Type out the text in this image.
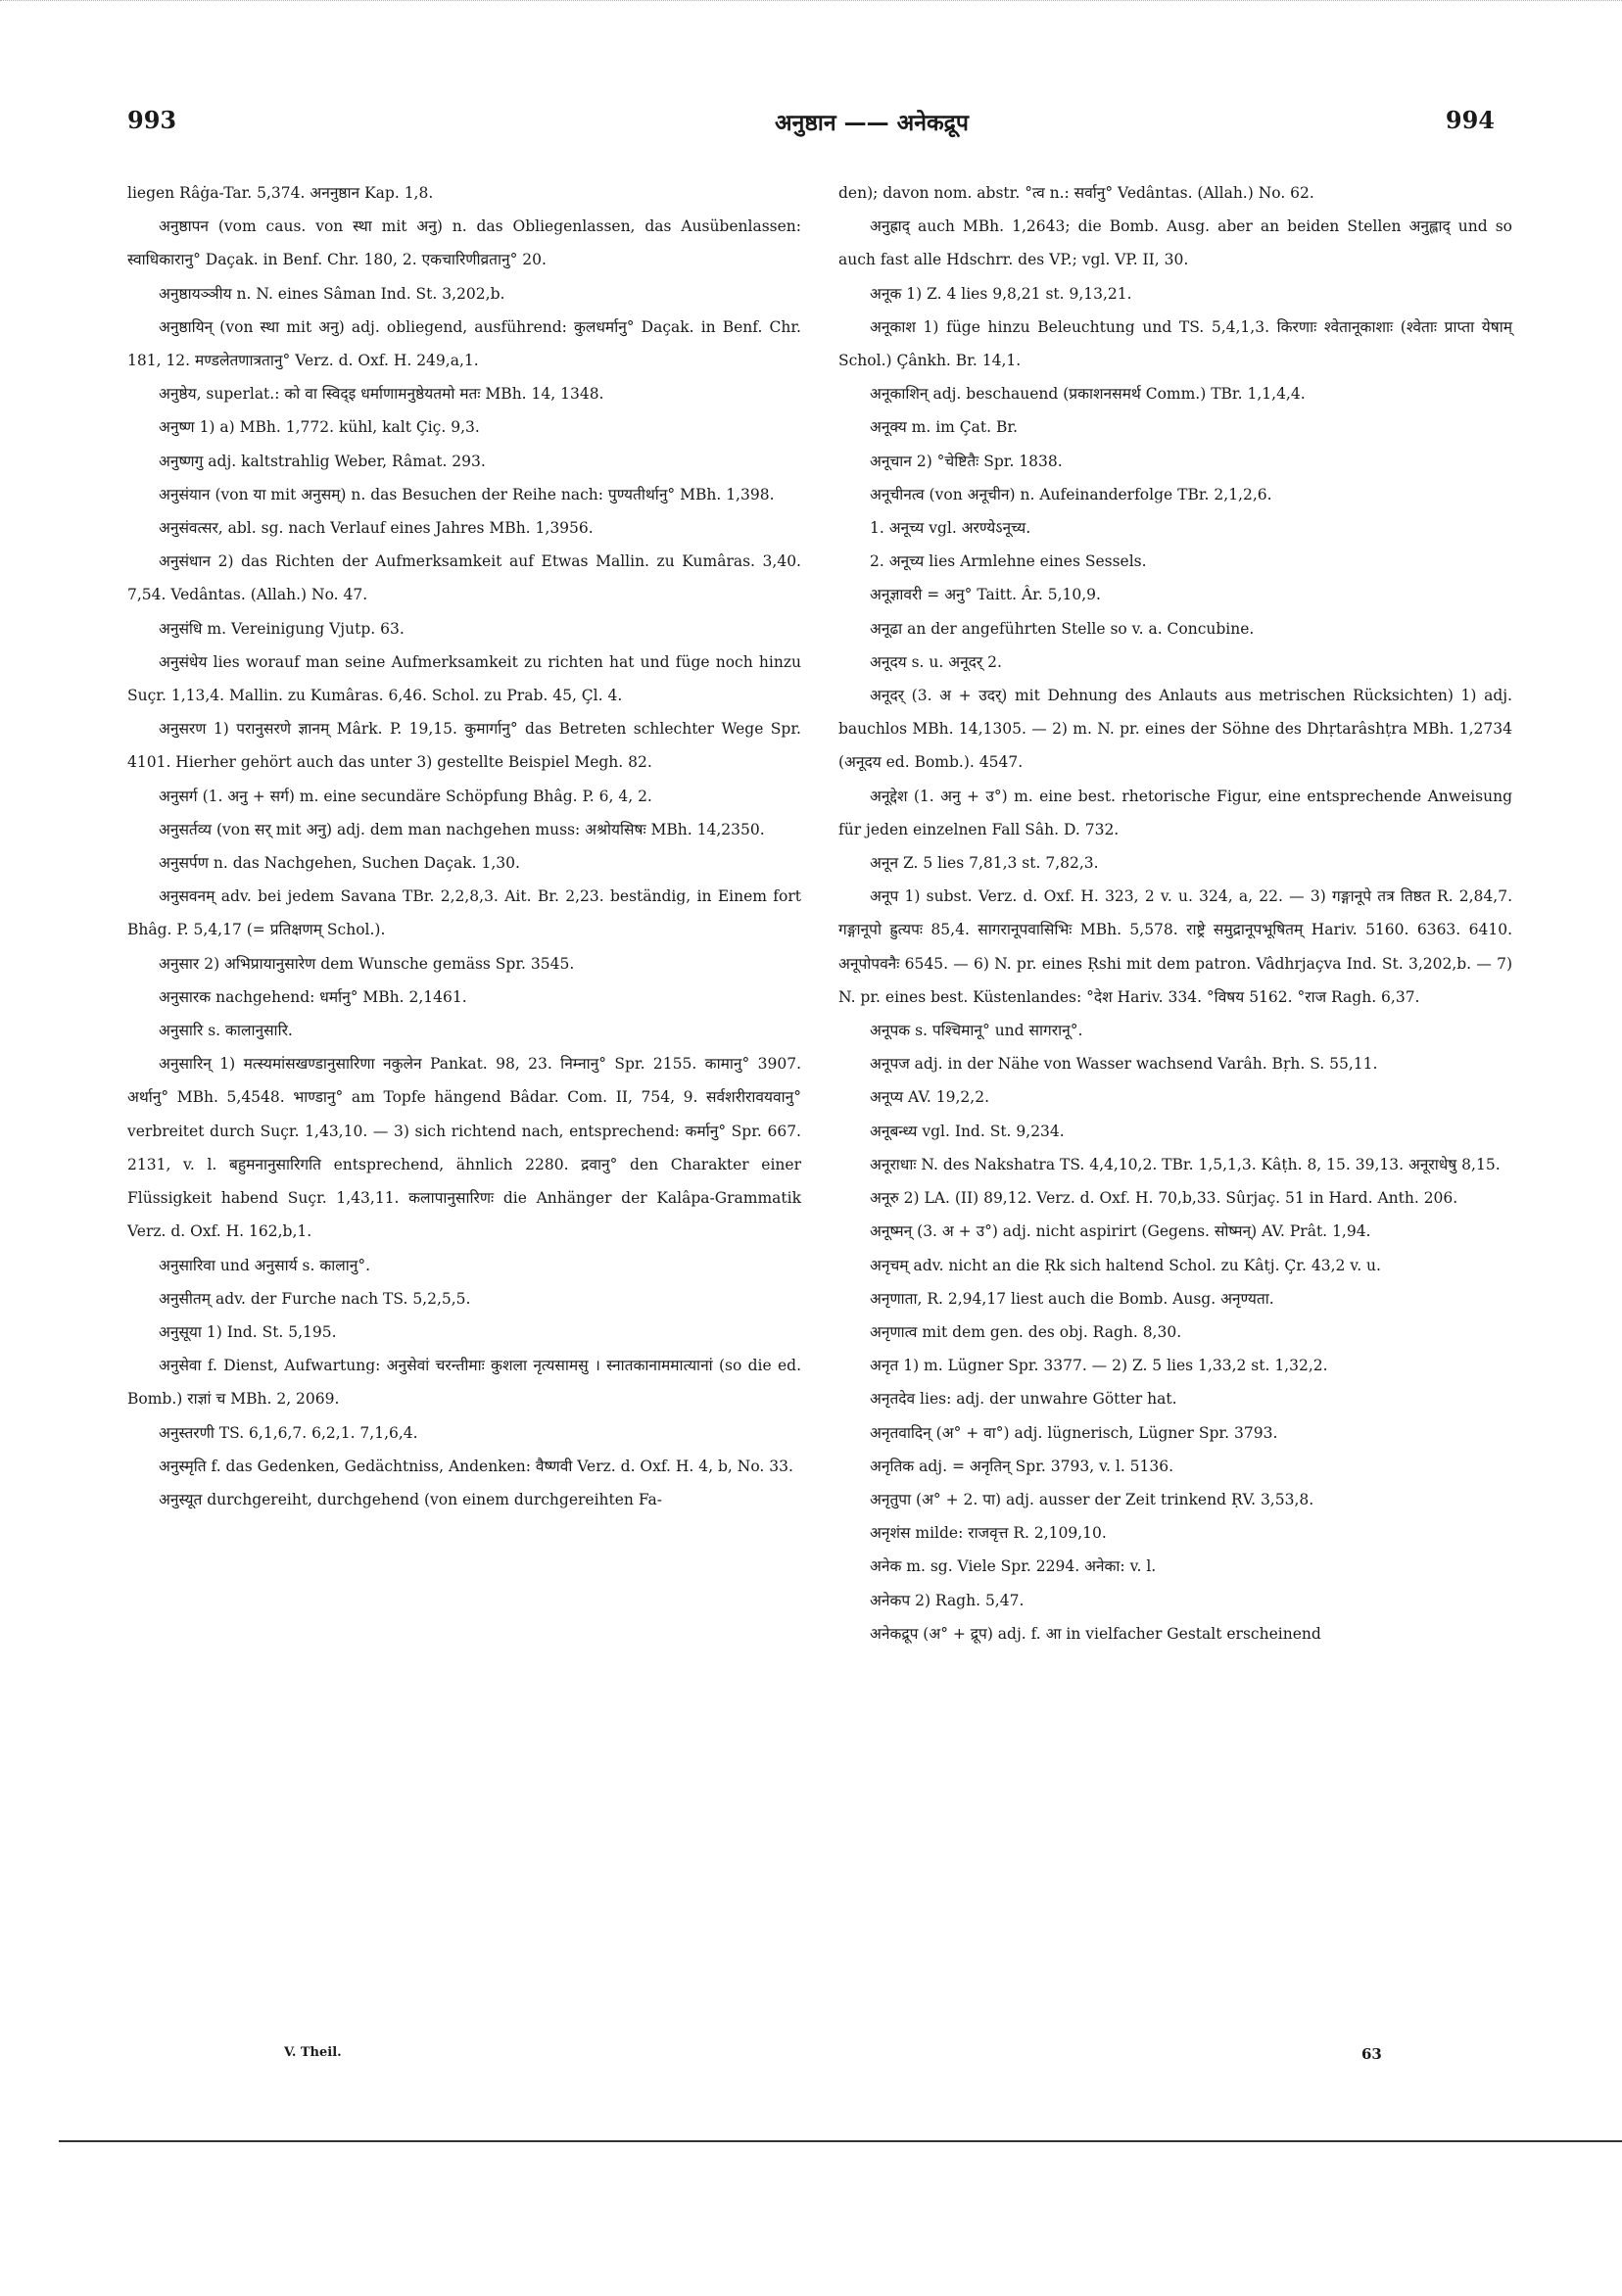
993	अनुष्ठान —— अनेकद्रूप	994

liegen Râġa-Tar. 5,374. अननुष्ठान Kap. 1,8.

अनुष्ठापन (vom caus. von स्था mit अनु) n. das Obliegenlassen, das Ausübenlassen: स्वाधिकारानु° Daçak. in Benf. Chr. 180, 2. एकचारिणीव्रतानु° 20.

अनुष्ठायञ्ञीय n. N. eines Sâman Ind. St. 3,202,b.

अनुष्ठायिन् (von स्था mit अनु) adj. obliegend, ausführend: कुलधर्मानु° Daçak. in Benf. Chr. 181, 12. मण्डलेतणात्रतानु° Verz. d. Oxf. H. 249,a,1.

अनुष्ठेय, superlat.: को वा स्विद्इ धर्माणामनुष्ठेयतमो मतः MBh. 14, 1348.

अनुष्ण 1) a) MBh. 1,772. kühl, kalt Çiç. 9,3.

अनुष्णगु adj. kaltstrahlig Weber, Râmat. 293.

अनुसंयान (von या mit अनुसम्) n. das Besuchen der Reihe nach: पुण्यतीर्थानु° MBh. 1,398.

अनुसंवत्सर, abl. sg. nach Verlauf eines Jahres MBh. 1,3956.

अनुसंधान 2) das Richten der Aufmerksamkeit auf Etwas Mallin. zu Kumâras. 3,40. 7,54. Vedântas. (Allah.) No. 47.

अनुसंधि m. Vereinigung Vjutp. 63.

अनुसंधेय lies worauf man seine Aufmerksamkeit zu richten hat und füge noch hinzu Suçr. 1,13,4. Mallin. zu Kumâras. 6,46. Schol. zu Prab. 45, Çl. 4.

अनुसरण 1) परानुसरणे ज्ञानम् Mârk. P. 19,15. कुमार्गानु° das Betreten schlechter Wege Spr. 4101. Hierher gehört auch das unter 3) gestellte Beispiel Megh. 82.

अनुसर्ग (1. अनु + सर्ग) m. eine secundäre Schöpfung Bhâg. P. 6, 4, 2.

अनुसर्तव्य (von सर् mit अनु) adj. dem man nachgehen muss: अश्रोयसिषः MBh. 14,2350.

अनुसर्पण n. das Nachgehen, Suchen Daçak. 1,30.

अनुसवनम् adv. bei jedem Savana TBr. 2,2,8,3. Ait. Br. 2,23. beständig, in Einem fort Bhâg. P. 5,4,17 (= प्रतिक्षणम् Schol.).

अनुसार 2) अभिप्रायानुसारेण dem Wunsche gemäss Spr. 3545.

अनुसारक nachgehend: धर्मानु° MBh. 2,1461.

अनुसारि s. कालानुसारि.

अनुसारिन् 1) मत्स्यमांसखण्डानुसारिणा नकुलेन Pankat. 98, 23. निम्नानु° Spr. 2155. कामानु° 3907. अर्थानु° MBh. 5,4548. भाण्डानु° am Topfe hängend Bâdar. Com. II, 754, 9. सर्वशरीरावयवानु° verbreitet durch Suçr. 1,43,10. — 3) sich richtend nach, entsprechend: कर्मानु° Spr. 667. 2131, v. l. बहुमनानुसारिगति entsprechend, ähnlich 2280. द्रवानु° den Charakter einer Flüssigkeit habend Suçr. 1,43,11. कलापानुसारिणः die Anhänger der Kalâpa-Grammatik Verz. d. Oxf. H. 162,b,1.

अनुसारिवा und अनुसार्य s. कालानु°.

अनुसीतम् adv. der Furche nach TS. 5,2,5,5.

अनुसूया 1) Ind. St. 5,195.

अनुसेवा f. Dienst, Aufwartung: अनुसेवां चरन्तीमाः कुशला नृत्यसामसु । स्नातकानाममात्यानां (so die ed. Bomb.) राज्ञां च MBh. 2, 2069.

अनुस्तरणी TS. 6,1,6,7. 6,2,1. 7,1,6,4.

अनुस्मृति f. das Gedenken, Gedächtniss, Andenken: वैष्णवी Verz. d. Oxf. H. 4, b, No. 33.

अनुस्यूत durchgereiht, durchgehend (von einem durchgereihten Fa-

den); davon nom. abstr. °त्व n.: सर्वानु° Vedântas. (Allah.) No. 62.

अनुह्राद् auch MBh. 1,2643; die Bomb. Ausg. aber an beiden Stellen अनुह्लाद् und so auch fast alle Hdschrr. des VP.; vgl. VP. II, 30.

अनूक 1) Z. 4 lies 9,8,21 st. 9,13,21.

अनूकाश 1) füge hinzu Beleuchtung und TS. 5,4,1,3. किरणाः श्वेतानूकाशाः (श्वेताः प्राप्ता येषाम् Schol.) Çânkh. Br. 14,1.

अनूकाशिन् adj. beschauend (प्रकाशनसमर्थ Comm.) TBr. 1,1,4,4.

अनूक्य m. im Çat. Br.

अनूचान 2) °चेष्टितैः Spr. 1838.

अनूचीनत्व (von अनूचीन) n. Aufeinanderfolge TBr. 2,1,2,6.

1. अनूच्य vgl. अरण्येऽनूच्य.

2. अनूच्य lies Armlehne eines Sessels.

अनूज्ञावरी = अनु° Taitt. Âr. 5,10,9.

अनूढा an der angeführten Stelle so v. a. Concubine.

अनूदय s. u. अनूदर् 2.

अनूदर् (3. अ + उदर्) mit Dehnung des Anlauts aus metrischen Rücksichten) 1) adj. bauchlos MBh. 14,1305. — 2) m. N. pr. eines der Söhne des Dhṛtarâshṭra MBh. 1,2734 (अनूदय ed. Bomb.). 4547.

अनूद्देश (1. अनु + उ°) m. eine best. rhetorische Figur, eine entsprechende Anweisung für jeden einzelnen Fall Sâh. D. 732.

अनून Z. 5 lies 7,81,3 st. 7,82,3.

अनूप 1) subst. Verz. d. Oxf. H. 323, 2 v. u. 324, a, 22. — 3) गङ्गानूपे तत्र तिष्ठत R. 2,84,7. गङ्गानूपो ह्रुत्यपः 85,4. सागरानूपवासिभिः MBh. 5,578. राष्ट्रे समुद्रानूपभूषितम् Hariv. 5160. 6363. 6410. अनूपोपवनैः 6545. — 6) N. pr. eines Ṛshi mit dem patron. Vâdhrjaçva Ind. St. 3,202,b. — 7) N. pr. eines best. Küstenlandes: °देश Hariv. 334. °विषय 5162. °राज Ragh. 6,37.

अनूपक s. पश्चिमानू° und सागरानू°.

अनूपज adj. in der Nähe von Wasser wachsend Varâh. Bṛh. S. 55,11.

अनूप्य AV. 19,2,2.

अनूबन्ध्य vgl. Ind. St. 9,234.

अनूराधाः N. des Nakshatra TS. 4,4,10,2. TBr. 1,5,1,3. Kâṭh. 8, 15. 39,13. अनूराधेषु 8,15.

अनूरु 2) LA. (II) 89,12. Verz. d. Oxf. H. 70,b,33. Sûrjaç. 51 in Hard. Anth. 206.

अनूष्मन् (3. अ + उ°) adj. nicht aspirirt (Gegens. सोष्मन्) AV. Prât. 1,94.

अनृचम् adv. nicht an die Ṛk sich haltend Schol. zu Kâtj. Çr. 43,2 v. u.

अनृणाता, R. 2,94,17 liest auch die Bomb. Ausg. अनृण्यता.

अनृणात्व mit dem gen. des obj. Ragh. 8,30.

अनृत 1) m. Lügner Spr. 3377. — 2) Z. 5 lies 1,33,2 st. 1,32,2.

अनृतदेव lies: adj. der unwahre Götter hat.

अनृतवादिन् (अ° + वा°) adj. lügnerisch, Lügner Spr. 3793.

अनृतिक adj. = अनृतिन् Spr. 3793, v. l. 5136.

अनृतुपा (अ° + 2. पा) adj. ausser der Zeit trinkend ṚV. 3,53,8.

अनृशंस milde: राजवृत्त R. 2,109,10.

अनेक m. sg. Viele Spr. 2294. अनेका: v. l.

अनेकप 2) Ragh. 5,47.

अनेकद्रूप (अ° + द्रूप) adj. f. आ in vielfacher Gestalt erscheinend

V. Theil.	63
